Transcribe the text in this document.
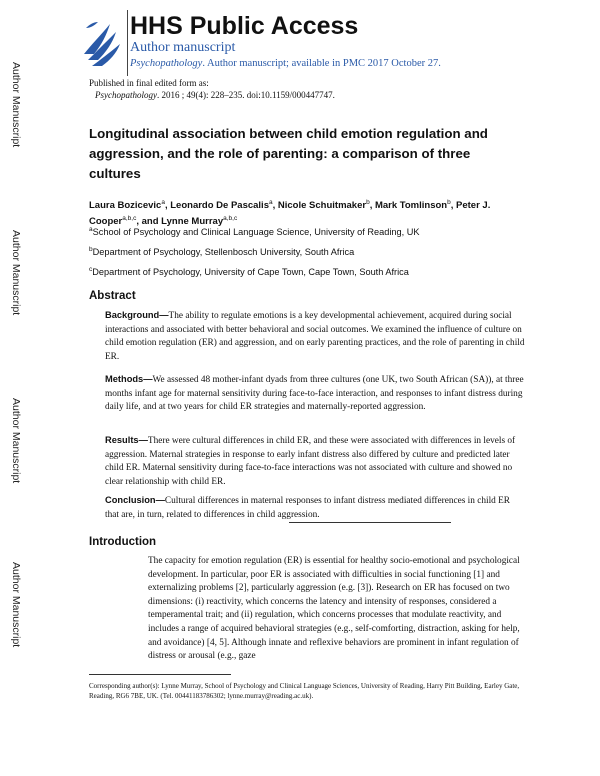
Author Manuscript
Author Manuscript
Author Manuscript
Author Manuscript
HHS Public Access
Author manuscript
Psychopathology. Author manuscript; available in PMC 2017 October 27.
Published in final edited form as:
Psychopathology. 2016 ; 49(4): 228–235. doi:10.1159/000447747.
Longitudinal association between child emotion regulation and aggression, and the role of parenting: a comparison of three cultures
Laura Bozicevic$^a$, Leonardo De Pascalis$^a$, Nicole Schuitmaker$^b$, Mark Tomlinson$^b$, Peter J. Cooper$^{a,b,c}$, and Lynne Murray$^{a,b,c}$
$^a$School of Psychology and Clinical Language Science, University of Reading, UK
$^b$Department of Psychology, Stellenbosch University, South Africa
$^c$Department of Psychology, University of Cape Town, Cape Town, South Africa
Abstract
Background—The ability to regulate emotions is a key developmental achievement, acquired during social interactions and associated with better behavioral and social outcomes. We examined the influence of culture on child emotion regulation (ER) and aggression, and on early parenting practices, and the role of parenting in child ER.
Methods—We assessed 48 mother-infant dyads from three cultures (one UK, two South African (SA)), at three months infant age for maternal sensitivity during face-to-face interaction, and responses to infant distress during daily life, and at two years for child ER strategies and maternally-reported aggression.
Results—There were cultural differences in child ER, and these were associated with differences in levels of aggression. Maternal strategies in response to early infant distress also differed by culture and predicted later child ER. Maternal sensitivity during face-to-face interactions was not associated with culture and showed no clear relationship with child ER.
Conclusion—Cultural differences in maternal responses to infant distress mediated differences in child ER that are, in turn, related to differences in child aggression.
Introduction
The capacity for emotion regulation (ER) is essential for healthy socio-emotional and psychological development. In particular, poor ER is associated with difficulties in social functioning [1] and externalizing problems [2], particularly aggression (e.g. [3]). Research on ER has focused on two dimensions: (i) reactivity, which concerns the latency and intensity of responses, considered a temperamental trait; and (ii) regulation, which concerns processes that modulate reactivity, and includes a range of acquired behavioral strategies (e.g., self-comforting, distraction, asking for help, and avoidance) [4, 5]. Although innate and reflexive behaviors are prominent in infant regulation of distress or arousal (e.g., gaze
Corresponding author(s): Lynne Murray, School of Psychology and Clinical Language Sciences, University of Reading, Harry Pitt Building, Earley Gate, Reading, RG6 7BE, UK. (Tel. 00441183786302; lynne.murray@reading.ac.uk).
